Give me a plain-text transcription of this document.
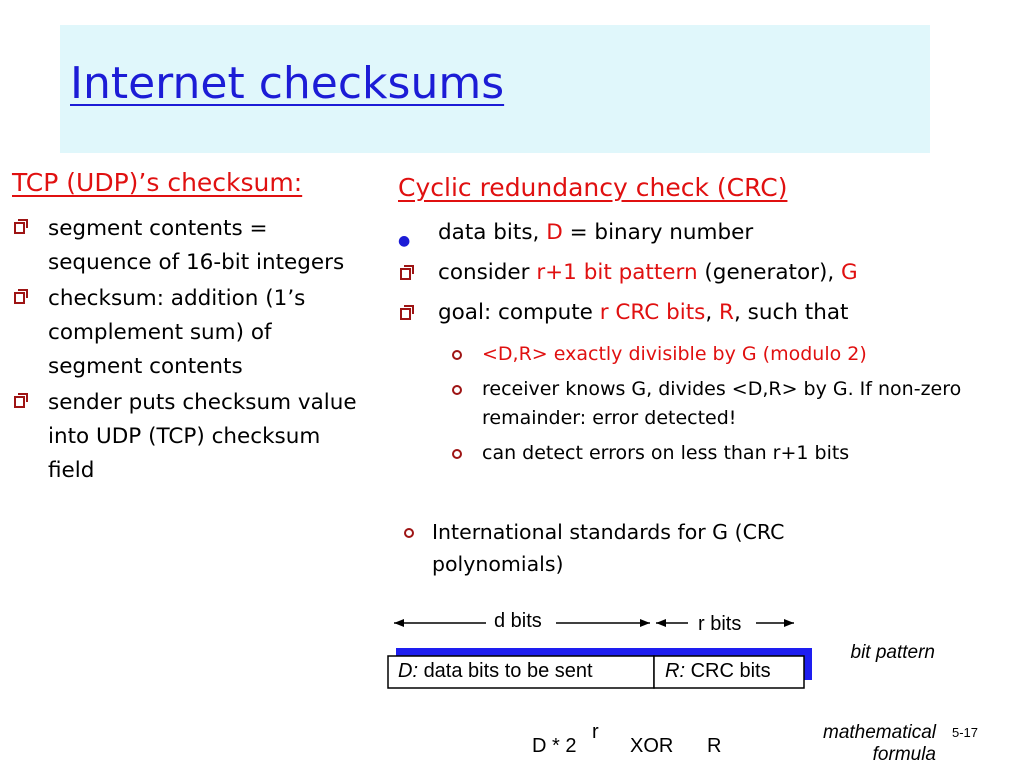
Internet checksums
TCP (UDP)’s checksum:
segment contents = sequence of 16-bit integers
checksum: addition (1’s complement sum) of segment contents
sender puts checksum value into UDP (TCP) checksum field
Cyclic redundancy check (CRC)
● data bits, D = binary number
consider r+1 bit pattern (generator), G
goal: compute r CRC bits, R, such that
<D,R> exactly divisible by G (modulo 2)
receiver knows G, divides <D,R> by G. If non-zero remainder: error detected!
can detect errors on less than r+1 bits
International standards for G (CRC polynomials)
d bits	r bits
D: data bits to be sent	R: CRC bits
bit pattern
D * 2
r
XOR R
mathematical formula
5-17
